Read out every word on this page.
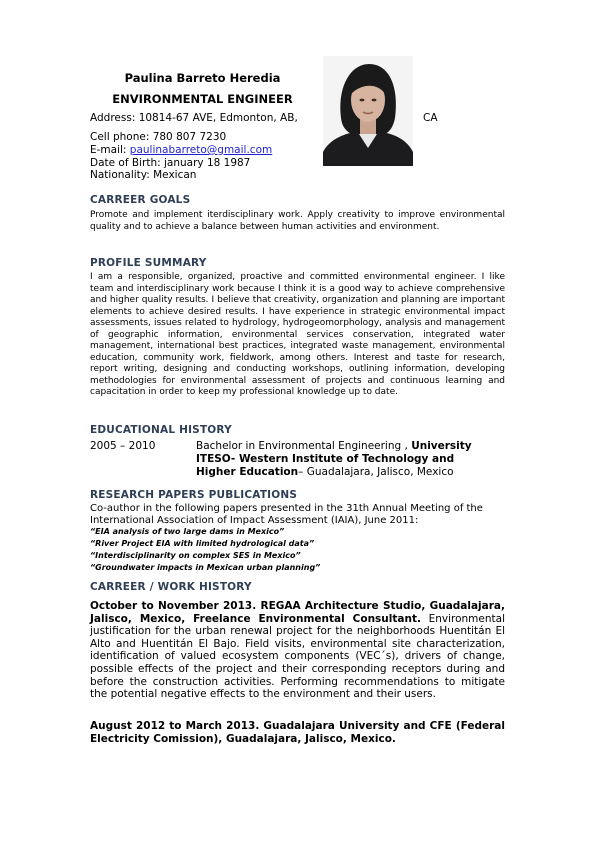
Paulina Barreto Heredia
ENVIRONMENTAL ENGINEER
Address: 10814-67 AVE, Edmonton, AB,	CA
Cell phone: 780 807 7230
E-mail: paulinabarreto@gmail.com
Date of Birth: january 18 1987
Nationality: Mexican
CARREER GOALS
Promote and implement iterdisciplinary work. Apply creativity to improve environmental quality and to achieve a balance between human activities and environment.
PROFILE SUMMARY
I am a responsible, organized, proactive and committed environmental engineer. I like team and interdisciplinary work because I think it is a good way to achieve comprehensive and higher quality results. I believe that creativity, organization and planning are important elements to achieve desired results. I have experience in strategic environmental impact assessments, issues related to hydrology, hydrogeomorphology, analysis and management of geographic information, environmental services conservation, integrated water management, international best practices, integrated waste management, environmental education, community work, fieldwork, among others. Interest and taste for research, report writing, designing and conducting workshops, outlining information, developing methodologies for environmental assessment of projects and continuous learning and capacitation in order to keep my professional knowledge up to date.
EDUCATIONAL HISTORY
2005 – 2010	Bachelor in Environmental Engineering , University ITESO- Western Institute of Technology and Higher Education– Guadalajara, Jalisco, Mexico
RESEARCH PAPERS PUBLICATIONS
Co-author in the following papers presented in the 31th Annual Meeting of the International Association of Impact Assessment (IAIA), June 2011:
“EIA analysis of two large dams in Mexico”
“River Project EIA with limited hydrological data”
“Interdisciplinarity on complex SES in Mexico”
“Groundwater impacts in Mexican urban planning”
CARREER / WORK HISTORY
October to November 2013. REGAA Architecture Studio, Guadalajara, Jalisco, Mexico, Freelance Environmental Consultant. Environmental justification for the urban renewal project for the neighborhoods Huentitán El Alto and Huentitán El Bajo. Field visits, environmental site characterization, identification of valued ecosystem components (VEC´s), drivers of change, possible effects of the project and their corresponding receptors during and before the construction activities. Performing recommendations to mitigate the potential negative effects to the environment and their users.
August 2012 to March 2013. Guadalajara University and CFE (Federal Electricity Comission), Guadalajara, Jalisco, Mexico.
